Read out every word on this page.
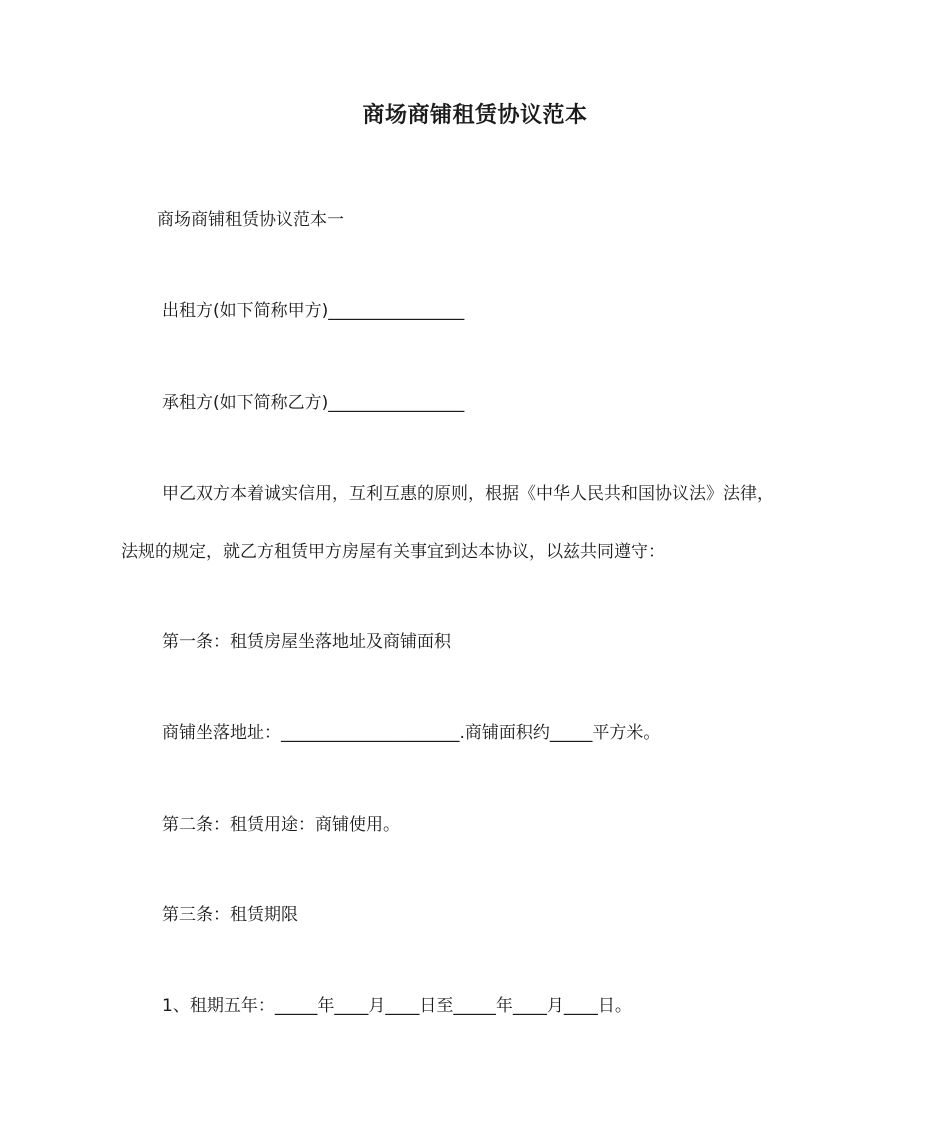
商场商铺租赁协议范本
商场商铺租赁协议范本一
出租方(如下简称甲方)________________
承租方(如下简称乙方)________________
甲乙双方本着诚实信用，互利互惠的原则，根据《中华人民共和国协议法》法律，
法规的规定，就乙方租赁甲方房屋有关事宜到达本协议，以兹共同遵守：
第一条：租赁房屋坐落地址及商铺面积
商铺坐落地址：_____________________.商铺面积约_____平方米。
第二条：租赁用途：商铺使用。
第三条：租赁期限
1、租期五年：_____年____月____日至_____年____月____日。
